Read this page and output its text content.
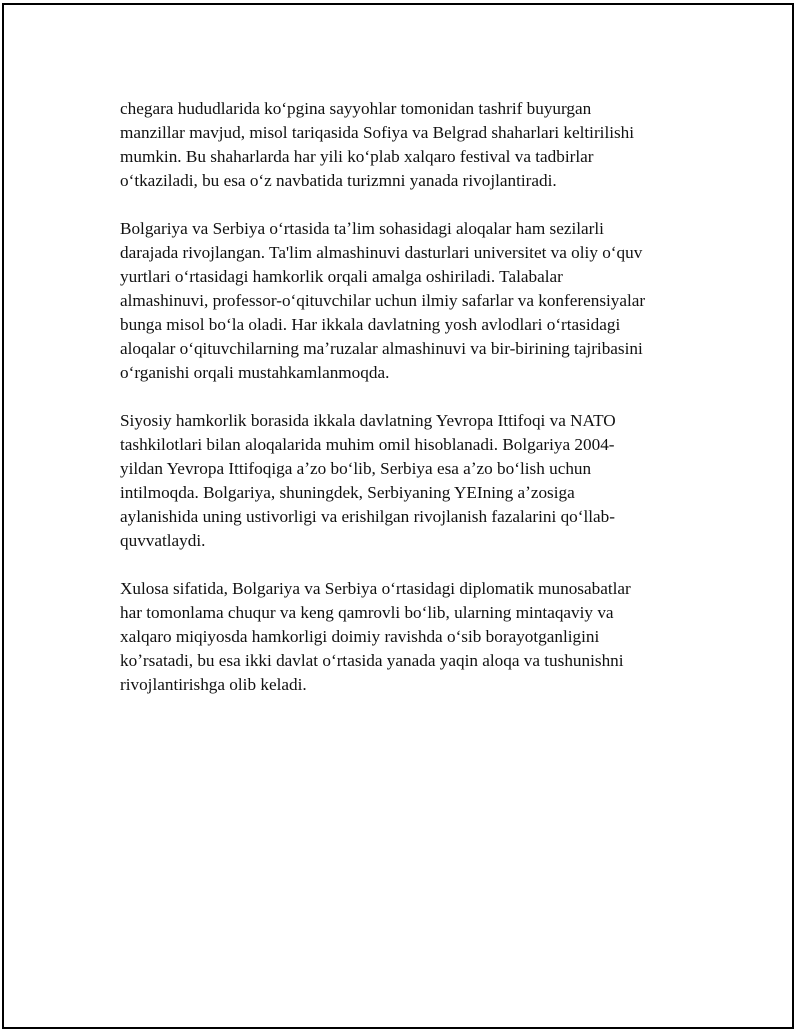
chegara hududlarida koʻpgina sayyohlar tomonidan tashrif buyurgan
manzillar mavjud, misol tariqasida Sofiya va Belgrad shaharlari keltirilishi
mumkin. Bu shaharlarda har yili koʻplab xalqaro festival va tadbirlar
oʻtkaziladi, bu esa oʻz navbatida turizmni yanada rivojlantiradi.

Bolgariya va Serbiya oʻrtasida taʼlim sohasidagi aloqalar ham sezilarli
darajada rivojlangan. Ta'lim almashinuvi dasturlari universitet va oliy oʻquv
yurtlari oʻrtasidagi hamkorlik orqali amalga oshiriladi. Talabalar
almashinuvi, professor-oʻqituvchilar uchun ilmiy safarlar va konferensiyalar
bunga misol boʻla oladi. Har ikkala davlatning yosh avlodlari oʻrtasidagi
aloqalar oʻqituvchilarning maʼruzalar almashinuvi va bir-birining tajribasini
oʻrganishi orqali mustahkamlanmoqda.

Siyosiy hamkorlik borasida ikkala davlatning Yevropa Ittifoqi va NATO
tashkilotlari bilan aloqalarida muhim omil hisoblanadi. Bolgariya 2004-
yildan Yevropa Ittifoqiga aʼzo boʻlib, Serbiya esa aʼzo boʻlish uchun
intilmoqda. Bolgariya, shuningdek, Serbiyaning YEIning aʼzosiga
aylanishida uning ustivorligi va erishilgan rivojlanish fazalarini qoʻllab-
quvvatlaydi.

Xulosa sifatida, Bolgariya va Serbiya oʻrtasidagi diplomatik munosabatlar
har tomonlama chuqur va keng qamrovli boʻlib, ularning mintaqaviy va
xalqaro miqiyosda hamkorligi doimiy ravishda oʻsib borayotganligini
koʼrsatadi, bu esa ikki davlat oʻrtasida yanada yaqin aloqa va tushunishni
rivojlantirishga olib keladi.
